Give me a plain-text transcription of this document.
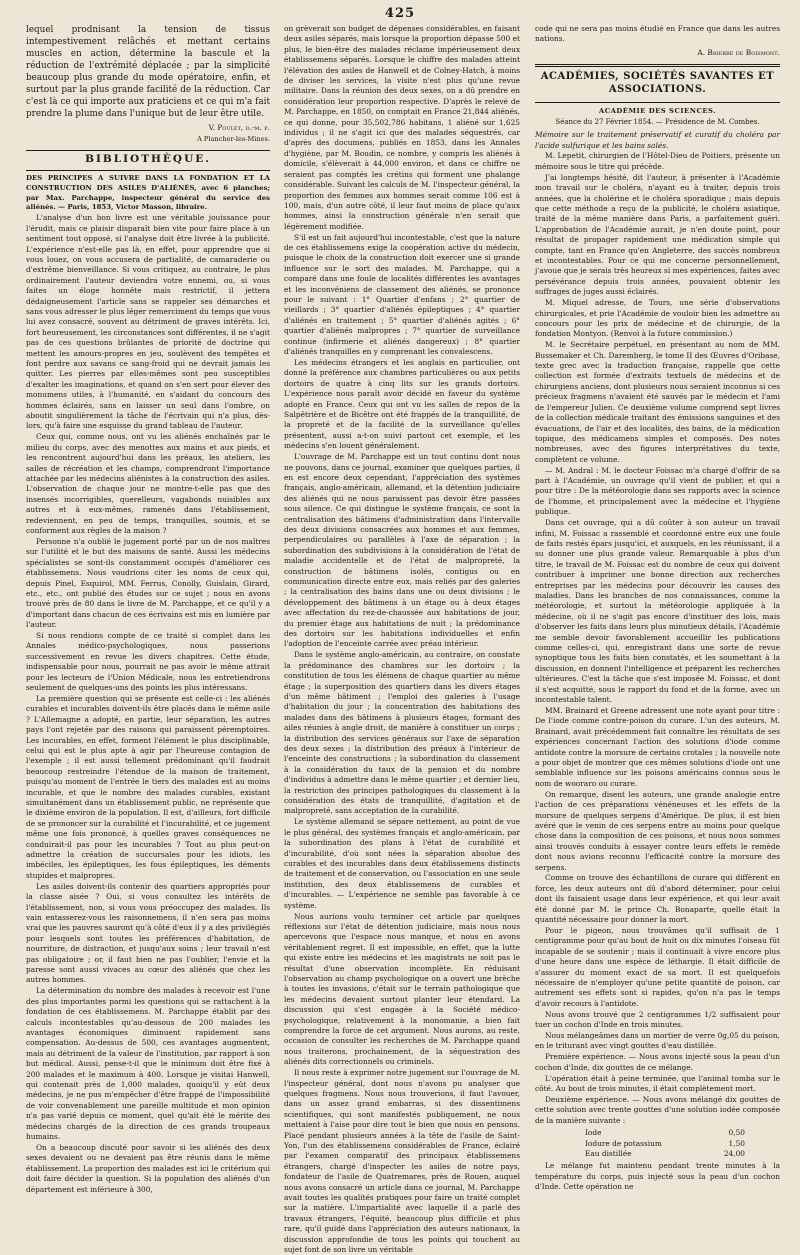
425

lequel prodnisant la tension de tissus intempestivement relâchés et mettant certains muscles en action, détermine la bascule et la réduction de l'extrémité déplacée ; par la simplicité beaucoup plus grande du mode opératoire, enfin, et surtout par la plus grande facilité de la réduction. Car c'est là ce qui importe aux praticiens et ce qui m'a fait prendre la plume dans l'unique but de leur être utile.

V. Poulet, d.-m. p.
A Plancher-les-Mines.
BIBLIOTHÈQUE.

DES PRINCIPES A SUIVRE DANS LA FONDATION ET LA CONSTRUCTION DES ASILES D'ALIÉNÉS, avec 6 planches; par Max. Parchappe, inspecteur général du service des aliénés. — Paris, 1853, Victor Masson, libraire.

L'analyse d'un bon livre est une véritable jouissance pour l'érudit, mais ce plaisir disparaît bien vite pour faire place à un sentiment tout opposé, si l'analyse doit être livrée à la publicité. L'expérience n'est-elle pas là, en effet, pour apprendre que si vous louez, on vous accusera de partialité, de camaraderie ou d'extrême bienveillance. Si vous critiquez, au contraire, le plus ordinairement l'auteur deviendra votre ennemi, ou, si vous faites un éloge honnête mais restrictif, il jettera dédaigneusement l'article sans se rappeler ses démarches et sans vous adresser le plus léger remerciment du temps que vous lui avez consacré, souvent au détriment de graves intérêts. Ici, fort heureusement, les circonstances sont différentes, il ne s'agit pas de ces questions brûlantes de priorité de doctrine qui mettent les amours-propres en jeu, soulèvent des tempêtes et font perdre aux savans ce sang-froid qui ne devrait jamais les quitter. Les pierres par elles-mêmes sont peu susceptibles d'exalter les imaginations, et quand on s'en sert pour élever des monumens utiles, à l'humanité, en s'aidant du concours des hommes éclairés, sans en laisser un seul dans l'ombre, on aboutit singulièrement la tâche de l'écrivain qui n'a plus, dès-lors, qu'à faire une esquisse du grand tableau de l'auteur.

Ceux qui, comme nous, ont vu les aliénés enchaînés par le milieu du corps, avec des menottes aux mains et aux pieds, et les rencontrent aujourd'hui dans les préaux, les ateliers, les salles de récréation et les champs, comprendront l'importance attachée par les médecins aliénistes à la construction des asiles. L'observation de chaque jour ne montre-t-elle pas que des insensés incorrigibles, querelleurs, vagabonds nuisibles aux autres et à eux-mêmes, ramenés dans l'établissement, redeviennent, en peu de temps, tranquilles, soumis, et se conforment aux règles de la maison ?

Personne n'a oublié le jugement porté par un de nos maîtres sur l'utilité et le but des maisons de santé. Aussi les médecins spécialistes se sont-ils constamment occupés d'améliorer ces établissemens. Nous voudrions citer les noms de ceux qui, depuis Pinel, Esquirol, MM. Ferrus, Conolly, Guislain, Girard, etc., etc., ont publié des études sur ce sujet ; nous en avons trouvé près de 80 dans le livre de M. Parchappe, et ce qu'il y a d'important dans chacun de ces écrivains est mis en lumière par l'auteur.

Si nous rendions compte de ce traité si complet dans les Annales médico-psychologiques, nous passerions successivement en revue les divers chapitres. Cette étude, indispensable pour nous, pourrait ne pas avoir le même attrait pour les lecteurs de l'Union Médicale, nous les entretiendrons seulement de quelques-uns des points les plus intéressans.

La première question qui se présente est celle-ci : les aliénés curables et incurables doivent-ils être placés dans le même asile ? L'Allemagne a adopté, en partie, leur séparation, les autres pays l'ont rejetée par des raisons qui paraissent péremptoires. Les incurables, en effet, forment l'élément le plus disciplinable, celui qui est le plus apte à agir par l'heureuse contagion de l'exemple ; il est aussi tellement prédominant qu'il faudrait beaucoup restreindre l'étendue de la maison de traitement, puisqu'au moment de l'entrée le tiers des malades est au moins incurable, et que le nombre des malades curables, existant simultanément dans un établissement public, ne représente que le dixième environ de la population. Il est, d'ailleurs, fort difficile de se prononcer sur la curabilité et l'incurabilité, et ce jugement même une fois prononcé, à quelles graves conséquences ne conduirait-il pas pour les incurables ? Tout au plus peut-on admettre la création de succursales pour les idiots, les imbéciles, les épileptiques, les fous épileptiques, les déments stupides et malpropres.

Les asiles doivent-ils contenir des quartiers appropriés pour la classe aisée ? Oui, si vous consultez les intérêts de l'établissement, non, si vous vous préoccupez des malades. Ils vain entasserez-vous les raisonnemens, il n'en sera pas moins vrai que les pauvres sauront qu'à côté d'eux il y a des privilégiés pour lesquels sont toutes les préférences d'habitation, de nourriture, de distraction, et jusqu'aux soins ; leur travail n'est pas obligatoire ; or, il faut bien ne pas l'oublier, l'envie et la paresse sont aussi vivaces au cœur des aliénés que chez les autres hommes.

La détermination du nombre des malades à recevoir est l'une des plus importantes parmi les questions qui se rattachent à la fondation de ces établissemens. M. Parchappe établit par des calculs incontestables qu'au-dessous de 200 malades les avantages économiques diminuent rapidement sans compensation. Au-dessus de 500, ces avantages augmentent, mais au détriment de la valeur de l'institution, par rapport à son but médical. Aussi, pense-t-il que le minimum doit être fixé à 200 malades et le maximum à 400. Lorsque je visitai Hanwell, qui contenait près de 1,000 malades, quoiqu'il y eût deux médecins, je ne pus m'empêcher d'être frappé de l'impossibilité de voir convenablement une pareille multitude et mon opinion n'a pas varié depuis ce moment, quel qu'ait été le mérite des médecins chargés de la direction de ces grands troupeaux humains.

On a beaucoup discuté pour savoir si les aliénés des deux sexes devaient ou ne devaient pas être réunis dans le même établissement. La proportion des malades est ici le critérium qui doit faire décider la question. Si la population des aliénés d'un département est inférieure à 300,

on grèverait son budget de dépenses considérables, en faisant deux asiles séparés, mais lorsque la proportion dépasse 500 et plus, le bien-être des malades réclame impérieusement deux établissemens séparés. Lorsque le chiffre des malades atteint l'élévation des asiles de Hanwell et de Colney-Hatch, à moins de diviser les services, la visite n'est plus qu'une revue militaire. Dans la réunion des deux sexes, on a dû prendre en considération leur proportion respective. D'après le relevé de M. Parchappe, en 1850, on comptait en France 21,844 aliénés, ce qui donne, pour 35,502,786 habitans, 1 aliéné sur 1,625 individus ; il ne s'agit ici que des malades séquestrés, car d'après des documens, publiés en 1853, dans les Annales d'hygiène, par M. Boudin, ce nombre, y compris les aliénés à domicile, s'élèverait à 44,000 environ, et dans ce chiffre ne seraient pas comptés les crétins qui forment une phalange considérable. Suivant les calculs de M. l'inspecteur général, la proportion des femmes aux hommes serait comme 106 est à 100, mais, d'un autre côté, il leur faut moins de place qu'aux hommes, ainsi la construction générale n'en serait que légèrement modifiée.

S'il est un fait aujourd'hui incontestable, c'est que la nature de ces établissemens exige la coopération active du médecin, puisque le choix de la construction doit exercer une si grande influence sur le sort des malades. M. Parchappe, qui a comparé dans une foule de localités différentes les avantages et les inconvéniens de classement des aliénés, se prononce pour le suivant : 1° Quartier d'enfans ; 2° quartier de vieillards ; 3° quartier d'aliénés épileptiques ; 4° quartier d'aliénés en traitement ; 5° quartier d'aliénés agités ; 6° quartier d'aliénés malpropres ; 7° quartier de surveillance continue (infirmerie et aliénés dangereux) ; 8° quartier d'aliénés tranquilles en y comprenant les convalescens.

Les médecins étrangers et les anglais en particulier, ont donné la préférence aux chambres particulières ou aux petits dortoirs de quatre à cinq lits sur les grands dortoirs. L'expérience nous paraît avoir décidé en faveur du système adopté en France. Ceux qui ont vu les salles de repos de la Salpêtrière et de Bicêtre ont été frappés de la tranquillité, de la propreté et de la facilité de la surveillance qu'elles présentent, aussi a-t-on suivi partout cet exemple, et les médecins s'en louent généralement.

L'ouvrage de M. Parchappe est un tout continu dont nous ne pouvons, dans ce journal, examiner que quelques parties, il en est encore deux cependant, l'appréciation des systèmes français, anglo-américain, allemand, et la détention judiciaire des aliénés qui ne nous paraissent pas devoir être passées sous silence. Ce qui distingue le système français, ce sont la centralisation des bâtimens d'administration dans l'intervalle des deux divisions consacrées aux hommes et aux femmes, perpendiculaires ou parallèles à l'axe de séparation ; la subordination des subdivisions à la considération de l'état de maladie accidentelle et de l'état de malpropreté, la construction de bâtimens isolés, contigus ou en communication directe entre eux, mais reliés par des galeries ; la centralisation des bains dans une ou deux divisions ; le développement des bâtimens à un étage ou à deux étages avec affectation du rez-de-chaussée aux habitations de jour, du premier étage aux habitations de nuit ; la prédominance des dortoirs sur les habitations individuelles et enfin l'adoption de l'enceinte carrée avec préau intérieur.

Dans le système anglo-américain, au contraire, on constate la prédominance des chambres sur les dortoirs ; la constitution de tous les élémens de chaque quartier au même étage ; la superposition des quartiers dans les divers étages d'un même bâtiment ; l'emploi des galeries à l'usage d'habitation du jour ; la concentration des habitations des malades dans des bâtimens à plusieurs étages, formant des ailes réunies à angle droit, de manière à constituer un corps ; la distribution des services généraux sur l'axe de séparation des deux sexes ; la distribution des préaux à l'intérieur de l'enceinte des constructions ; la subordination du classement à la considération du taux de la pension et du nombre d'individus à admettre dans le même quartier ; et dernier lieu, la restriction des principes pathologiques du classement à la considération des états de tranquillité, d'agitation et de malpropreté, sans acceptation de la curabilité.

Le système allemand se sépare nettement, au point de vue le plus général, des systèmes français et anglo-américain, par la subordination des plans à l'état de curabilité et d'incurabilité, d'où sont nées la séparation absolue des curables et des incurables dans deux établissemens distincts de traitement et de conservation, ou l'association en une seule institution, des deux établissemens de curables et d'incurables. — L'expérience ne semble pas favorable à ce système.

Nous aurions voulu terminer cet article par quelques réflexions sur l'état de détention judiciaire, mais nous nous apercevons que l'espace nous manque, et nous en avons véritablement regret. Il est impossible, en effet, que la lutte qui existe entre les médecins et les magistrats ne soit pas le résultat d'une observation incomplète. En réduisant l'observation au champ psychologique on a ouvert une brèche à toutes les invasions, c'était sur le terrain pathologique que les médecins devaient surtout planter leur étendard. La discussion qui s'est engagée à la Société médico-psychologique, relativement à la monomanie, a bien fait comprendre la force de cet argument. Nous aurons, au reste, occasion de consulter les recherches de M. Parchappe quand nous traiterons, prochainement, de la séquestration des aliénés dits correctionnels ou criminels.

Il nous reste à exprimer notre jugement sur l'ouvrage de M. l'inspecteur général, dont nous n'avons pu analyser que quelques fragmens. Nous nous trouverions, il faut l'avouer, dans un assez grand embarras, si des dissentimens scientifiques, qui sont manifestés publiquement, ne nous mettaient à l'aise pour dire tout le bien que nous en pensons. Placé pendant plusieurs années à la tête de l'asile de Saint-Yon, l'un des établissemens considérables de France, éclairé par l'examen comparatif des principaux établissemens étrangers, chargé d'inspecter les asiles de notre pays, fondateur de l'asile de Quatremares, près de Rouen, auquel nous avons consacré un article dans ce journal, M. Parchappe avait toutes les qualités pratiques pour faire un traité complet sur la matière. L'impartialité avec laquelle il a parlé des travaux étrangers, l'équité, beaucoup plus difficile et plus rare, qu'il guidé dans l'appréciation des auteurs nationaux, la discussion approfondie de tous les points qui touchent au sujet font de son livre un véritable

code qui ne sera pas moins étudié en France que dans les autres nations.

A. Brierre de Boismont.
ACADÉMIES, SOCIÉTÉS SAVANTES ET ASSOCIATIONS.
ACADÉMIE DES SCIENCES.
Séance du 27 Février 1854. — Présidence de M. Combes.

Mémoire sur le traitement préservatif et curatif du choléra par l'acide sulfurique et les bains salés.

M. Lepetit, chirurgien de l'Hôtel-Dieu de Poitiers, présente un mémoire sous le titre qui précède.

J'ai longtemps hésité, dit l'auteur, à présenter à l'Académie mon travail sur le choléra, n'ayant eu à traiter, depuis trois années, que la cholérine et le choléra sporadique ; mais depuis que cette méthode a reçu de la publicité, le choléra asiatique, traité de la même manière dans Paris, a parfaitement guéri. L'approbation de l'Académie aurait, je n'en doute point, pour résultat de propager rapidement une médication simple qui compte, tant en France qu'en Angleterre, des succès nombreux et incontestables. Pour ce qui me concerne personnellement, j'avoue que je serais très heureux si mes expériences, faites avec persévérance depuis trois années, pouvaient obtenir les suffrages de juges aussi éclairés.

M. Miquel adresse, de Tours, une série d'observations chirurgicales, et prie l'Académie de vouloir bien les admettre au concours pour les prix de médecine et de chirurgie, de la fondation Montyon. (Renvoi à la future commission.)

M. le Secrétaire perpétuel, en présentant au nom de MM. Bussemaker et Ch. Daremberg, le tome II des Œuvres d'Oribase, texte grec avec la traduction française, rappelle que cette collection est formée d'extraits textuels de médecins et de chirurgiens anciens, dont plusieurs nous seraient inconnus si ces précieux fragmens n'avaient été sauvés par le médecin et l'ami de l'empereur Julien. Ce deuxième volume comprend sept livres de la collection médicale traitant des émissions sanguines et des évacuations, de l'air et des localités, des bains, de la médication topique, des médicamens simples et composés. Des notes nombreuses, avec des figures interprétatives du texte, complètent ce volume.

— M. Andral : M. le docteur Foissac m'a chargé d'offrir de sa part à l'Académie, un ouvrage qu'il vient de publier, et qui a pour titre : De la météorologie dans ses rapports avec la science de l'homme, et principalement avec la médecine et l'hygiène publique.

Dans cet ouvrage, qui a dû coûter à son auteur un travail infini, M. Foissac a rassemblé et coordonné entre eux une foule de faits restés épars jusqu'ici, et auxquels, en les réunissant, il a su donner une plus grande valeur. Remarquable à plus d'un titre, le travail de M. Foissac est du nombre de ceux qui doivent contribuer à imprimer une bonne direction aux recherches entreprises par les médecins pour découvrir les causes des maladies. Dans les branches de nos connaissances, comme la météorologie, et surtout la météorologie appliquée à la médecine, où il ne s'agit pas encore d'instituer des lois, mais d'observer les faits dans leurs plus minutieux détails, l'Académie me semble devoir favorablement accueillir les publications comme celles-ci, qui, enregistrant dans une sorte de revue synoptique tous les faits bien constatés, et les soumettant à la discussion, en donnent l'intelligence et préparent les recherches ultérieures. C'est la tâche que s'est imposée M. Foissac, et dont il s'est acquitté, sous le rapport du fond et de la forme, avec un incontestable talent.

MM. Brainard et Greene adressent une note ayant pour titre : De l'iode comme contre-poison du curare. L'un des auteurs, M. Brainard, avait précédemment fait connaître les résultats de ses expériences concernant l'action des solutions d'iode comme antidote contre la morsure de certains crotales ; la nouvelle note a pour objet de montrer que ces mêmes solutions d'iode ont une semblable influence sur les poisons américains connus sous le nom de wooraro ou curare.

On remarque, disent les auteurs, une grande analogie entre l'action de ces préparations vénéneuses et les effets de la morsure de quelques serpens d'Amérique. De plus, il est bien avéré que le venin de ces serpens entre au moins pour quelque chose dans la composition de ces poisons, et nous nous sommes ainsi trouvés conduits à essayer contre leurs effets le remède dont nous avions reconnu l'efficacité contre la morsure des serpens.

Comme on trouve des échantillons de curare qui diffèrent en force, les deux auteurs ont dû d'abord déterminer, pour celui dont ils faisaient usage dans leur expérience, et qui leur avait été donné par M. le prince Ch. Bonaparte, quelle était la quantité nécessaire pour donner la mort.

Pour le pigeon, nous trouvâmes qu'il suffisait de 1 centigramme pour qu'au bout de huit ou dix minutes l'oiseau fût incapable de se soutenir ; mais il continuait à vivre encore plus d'une heure dans une espèce de léthargie. Il était difficile de s'assurer du moment exact de sa mort. Il est quelquefois nécessaire de n'employer qu'une petite quantité de poison, car autrement ses effets sont si rapides, qu'on n'a pas le temps d'avoir recours à l'antidote.

Nous avons trouvé que 2 centigrammes 1/2 suffisaient pour tuer un cochon d'Inde en trois minutes.

Nous mélangeâmes dans un mortier de verre 0g,05 du poison, en le triturant avec vingt gouttes d'eau distillée.

Première expérience. — Nous avons injecté sous la peau d'un cochon d'Inde, dix gouttes de ce mélange.

L'opération était à peine terminée, que l'animal tomba sur le côté. Au bout de trois minutes, il était complètement mort.

Deuxième expérience. — Nous avons mélangé dix gouttes de cette solution avec trente gouttes d'une solution iodée composée de la manière suivante :

Iode	0,50
Iodure de potassium	1,50
Eau distillée	24,00

Le mélange fut maintenu pendant trente minutes à la température du corps, puis injecté sous la peau d'un cochon d'Inde. Cette opération ne
